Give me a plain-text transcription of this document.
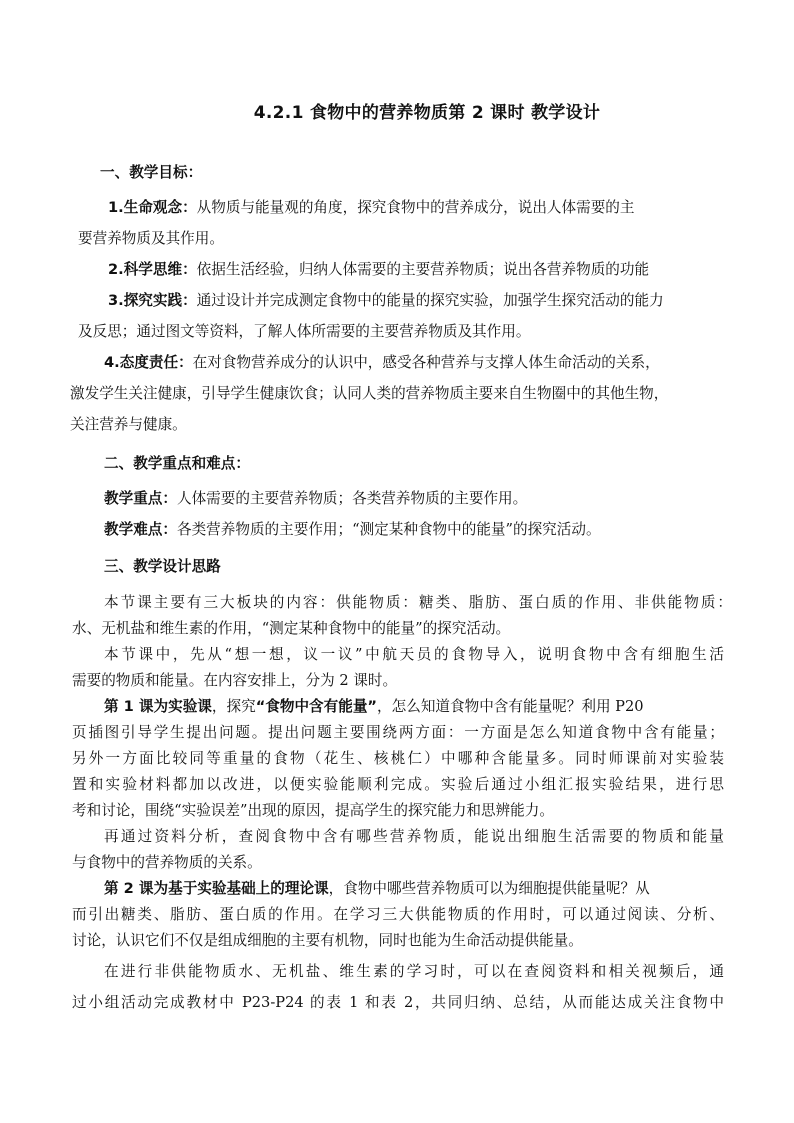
4.2.1 食物中的营养物质第 2 课时 教学设计
一、教学目标：
1.生命观念：从物质与能量观的角度，探究食物中的营养成分，说出人体需要的主
要营养物质及其作用。
2.科学思维：依据生活经验，归纳人体需要的主要营养物质；说出各营养物质的功能
3.探究实践：通过设计并完成测定食物中的能量的探究实验，加强学生探究活动的能力
及反思；通过图文等资料，了解人体所需要的主要营养物质及其作用。
4.态度责任：在对食物营养成分的认识中，感受各种营养与支撑人体生命活动的关系，
激发学生关注健康，引导学生健康饮食；认同人类的营养物质主要来自生物圈中的其他生物，
关注营养与健康。
二、教学重点和难点：
教学重点：人体需要的主要营养物质；各类营养物质的主要作用。
教学难点：各类营养物质的主要作用；“测定某种食物中的能量”的探究活动。
三、教学设计思路
本节课主要有三大板块的内容：供能物质：糖类、脂肪、蛋白质的作用、非供能物质：
水、无机盐和维生素的作用，“测定某种食物中的能量”的探究活动。
本节课中，先从“想一想，议一议”中航天员的食物导入，说明食物中含有细胞生活
需要的物质和能量。在内容安排上，分为 2 课时。
第 1 课为实验课，探究“食物中含有能量”，怎么知道食物中含有能量呢？利用 P20
页插图引导学生提出问题。提出问题主要围绕两方面：一方面是怎么知道食物中含有能量；
另外一方面比较同等重量的食物（花生、核桃仁）中哪种含能量多。同时师课前对实验装
置和实验材料都加以改进，以便实验能顺利完成。实验后通过小组汇报实验结果，进行思
考和讨论，围绕“实验误差”出现的原因，提高学生的探究能力和思辨能力。
再通过资料分析，查阅食物中含有哪些营养物质，能说出细胞生活需要的物质和能量
与食物中的营养物质的关系。
第 2 课为基于实验基础上的理论课，食物中哪些营养物质可以为细胞提供能量呢？从
而引出糖类、脂肪、蛋白质的作用。在学习三大供能物质的作用时，可以通过阅读、分析、
讨论，认识它们不仅是组成细胞的主要有机物，同时也能为生命活动提供能量。
在进行非供能物质水、无机盐、维生素的学习时，可以在查阅资料和相关视频后，通
过小组活动完成教材中 P23-P24 的表 1 和表 2，共同归纳、总结，从而能达成关注食物中
